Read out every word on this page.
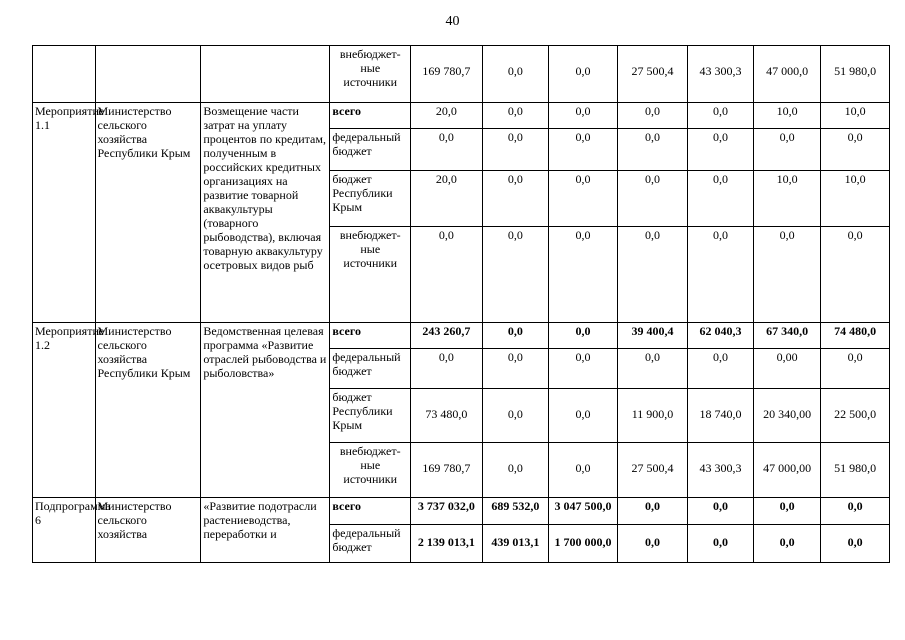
40
			внебюджет-
ные
источники	169 780,7	0,0	0,0	27 500,4	43 300,3	47 000,0	51 980,0
Мероприятие 1.1	Министерство сельского хозяйства Республики Крым	Возмещение части затрат на уплату процентов по кредитам, полученным в российских кредитных организациях на развитие товарной аквакультуры (товарного рыбоводства), включая товарную аквакультуру осетровых видов рыб	всего	20,0	0,0	0,0	0,0	0,0	10,0	10,0
			федеральный бюджет	0,0	0,0	0,0	0,0	0,0	0,0	0,0
			бюджет Республики Крым	20,0	0,0	0,0	0,0	0,0	10,0	10,0
			внебюджет-
ные
источники	0,0	0,0	0,0	0,0	0,0	0,0	0,0
Мероприятие 1.2	Министерство сельского хозяйства Республики Крым	Ведомственная целевая программа «Развитие отраслей рыбоводства и рыболовства»	всего	243 260,7	0,0	0,0	39 400,4	62 040,3	67 340,0	74 480,0
			федеральный бюджет	0,0	0,0	0,0	0,0	0,0	0,00	0,0
			бюджет Республики Крым	73 480,0	0,0	0,0	11 900,0	18 740,0	20 340,00	22 500,0
			внебюджет-
ные
источники	169 780,7	0,0	0,0	27 500,4	43 300,3	47 000,00	51 980,0
Подпрограмма 6	Министерство сельского хозяйства	«Развитие подотрасли растениеводства, переработки и	всего	3 737 032,0	689 532,0	3 047 500,0	0,0	0,0	0,0	0,0
			федеральный бюджет	2 139 013,1	439 013,1	1 700 000,0	0,0	0,0	0,0	0,0
